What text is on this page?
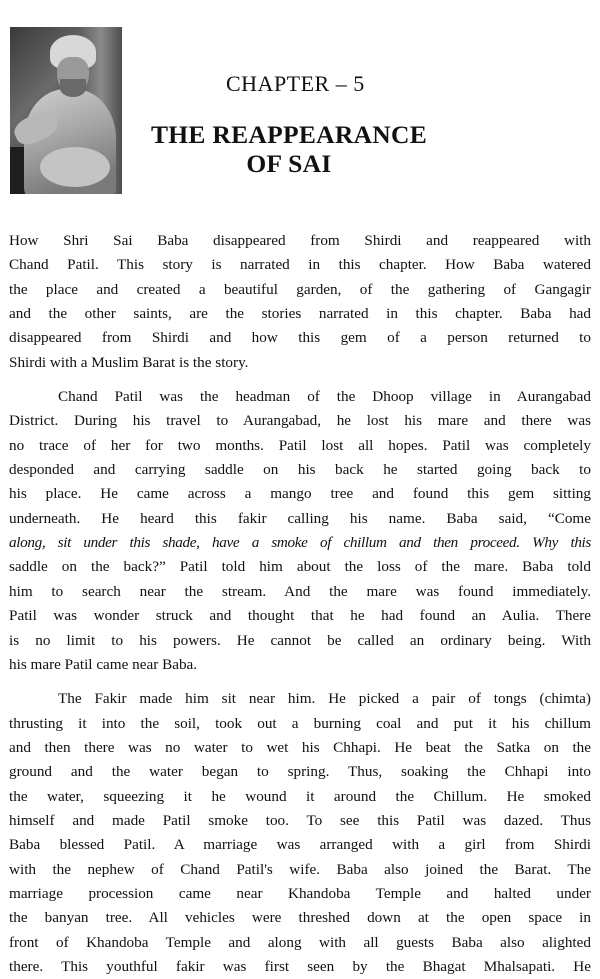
CHAPTER – 5
THE REAPPEARANCE
OF SAI

How Shri Sai Baba disappeared from Shirdi and reappeared with
Chand Patil. This story is narrated in this chapter. How Baba watered
the place and created a beautiful garden, of the gathering of Gangagir
and the other saints, are the stories narrated in this chapter. Baba had
disappeared from Shirdi and how this gem of a person returned to
Shirdi with a Muslim Barat is the story.

Chand Patil was the headman of the Dhoop village in Aurangabad
District. During his travel to Aurangabad, he lost his mare and there was
no trace of her for two months. Patil lost all hopes. Patil was completely
desponded and carrying saddle on his back he started going back to
his place. He came across a mango tree and found this gem sitting
underneath. He heard this fakir calling his name. Baba said, “Come
along, sit under this shade, have a smoke of chillum and then proceed. Why this
saddle on the back?” Patil told him about the loss of the mare. Baba told
him to search near the stream. And the mare was found immediately.
Patil was wonder struck and thought that he had found an Aulia. There
is no limit to his powers. He cannot be called an ordinary being. With
his mare Patil came near Baba.

The Fakir made him sit near him. He picked a pair of tongs (chimta)
thrusting it into the soil, took out a burning coal and put it his chillum
and then there was no water to wet his Chhapi. He beat the Satka on the
ground and the water began to spring. Thus, soaking the Chhapi into
the water, squeezing it he wound it around the Chillum. He smoked
himself and made Patil smoke too. To see this Patil was dazed. Thus
Baba blessed Patil. A marriage was arranged with a girl from Shirdi
with the nephew of Chand Patil's wife. Baba also joined the Barat. The
marriage procession came near Khandoba Temple and halted under
the banyan tree. All vehicles were threshed down at the open space in
front of Khandoba Temple and along with all guests Baba also alighted
there. This youthful fakir was first seen by the Bhagat Mhalsapati. He
